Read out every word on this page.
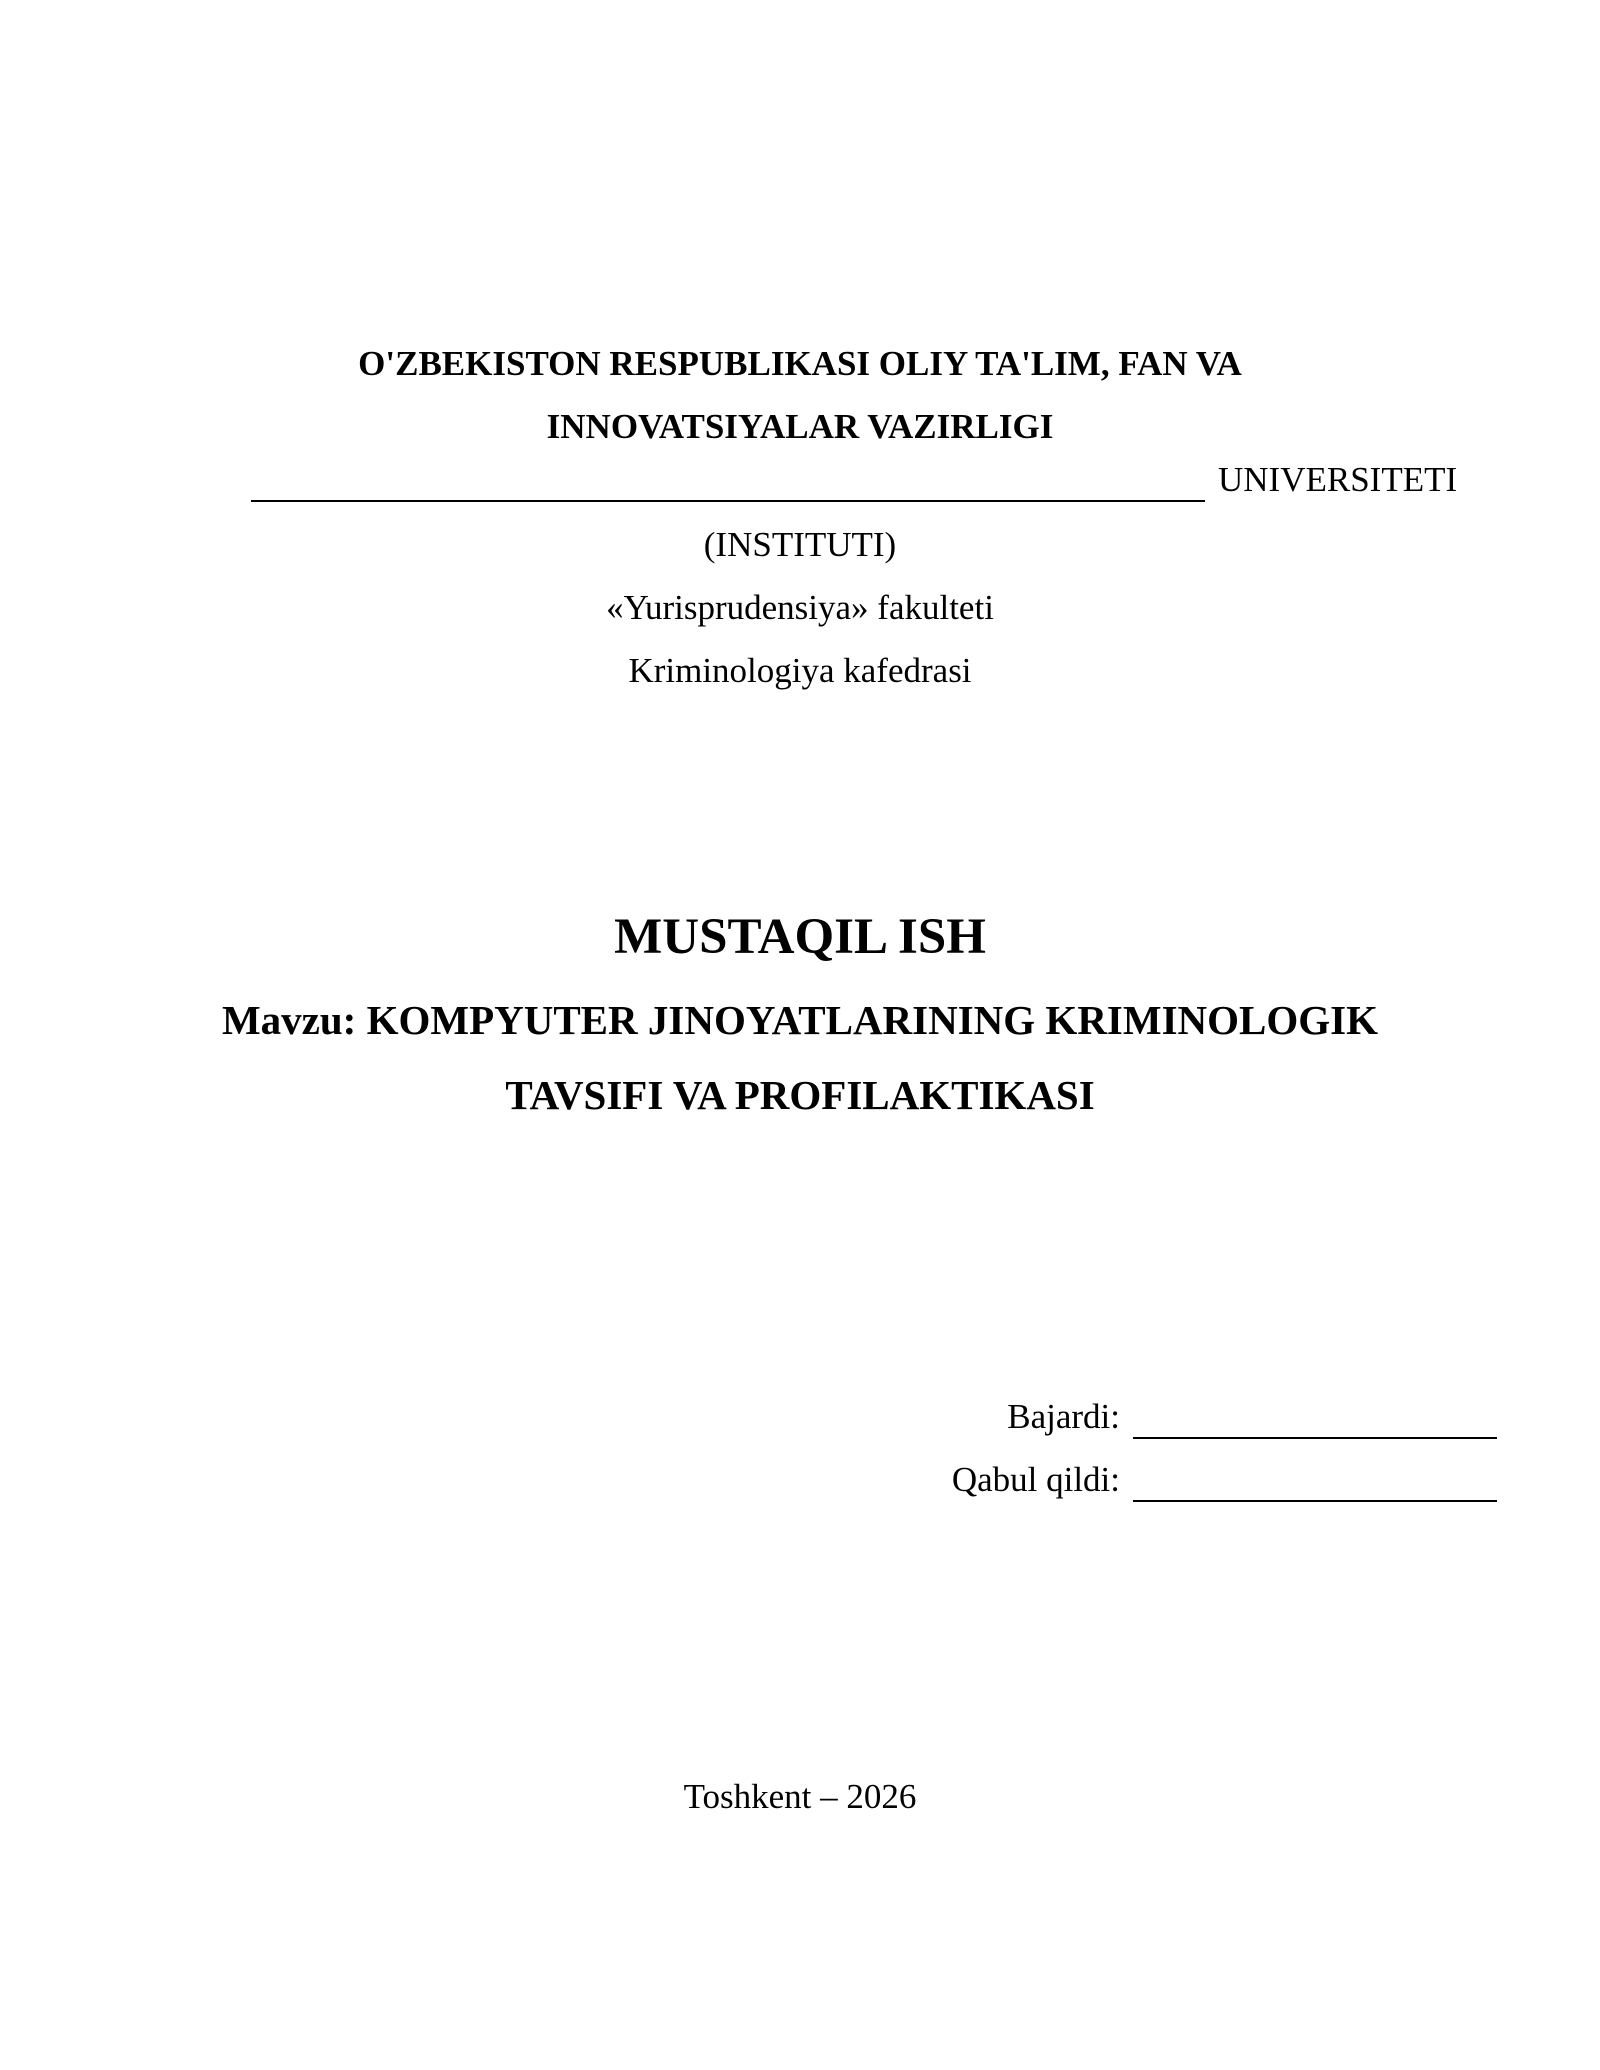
O'ZBEKISTON RESPUBLIKASI OLIY TA'LIM, FAN VA
INNOVATSIYALAR VAZIRLIGI
UNIVERSITETI
(INSTITUTI)
«Yurisprudensiya» fakulteti
Kriminologiya kafedrasi
MUSTAQIL ISH
Mavzu: KOMPYUTER JINOYATLARINING KRIMINOLOGIK
TAVSIFI VA PROFILAKTIKASI
Bajardi:
Qabul qildi:
Toshkent – 2026
